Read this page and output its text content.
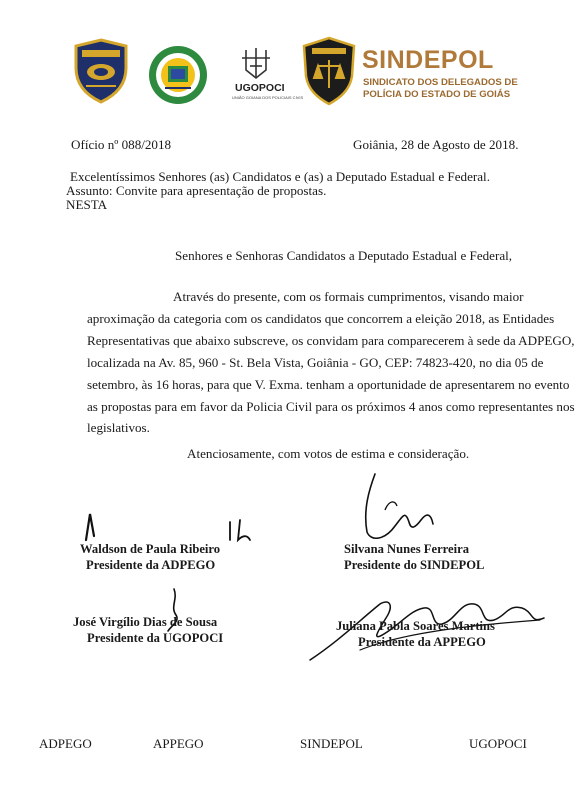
UGOPOCI
UNIÃO GOIANA DOS POLICIAIS CIVIS
SINDEPOL
SINDICATO DOS DELEGADOS DE
POLÍCIA DO ESTADO DE GOIÁS
Ofício nº 088/2018	Goiânia, 28 de Agosto de 2018.
Excelentíssimos Senhores (as) Candidatos e (as) a Deputado Estadual e Federal.
Assunto: Convite para apresentação de propostas.
NESTA
Senhores e Senhoras Candidatos a Deputado Estadual e Federal,
Através do presente, com os formais cumprimentos, visando maior
aproximação da categoria com os candidatos que concorrem a eleição 2018, as Entidades
Representativas que abaixo subscreve, os convidam para comparecerem à sede da ADPEGO,
localizada na Av. 85, 960 - St. Bela Vista, Goiânia - GO, CEP: 74823-420, no dia 05 de
setembro, às 16 horas, para que V. Exma. tenham a oportunidade de apresentarem no evento
as propostas para em favor da Policia Civil para os próximos 4 anos como representantes nos
legislativos.
Atenciosamente, com votos de estima e consideração.
Waldson de Paula Ribeiro
Presidente da ADPEGO
Silvana Nunes Ferreira
Presidente do SINDEPOL
José Virgílio Dias de Sousa
Presidente da UGOPOCI
Juliana Pabla Soares Martins
Presidente da APPEGO
ADPEGO	APPEGO	SINDEPOL	UGOPOCI
